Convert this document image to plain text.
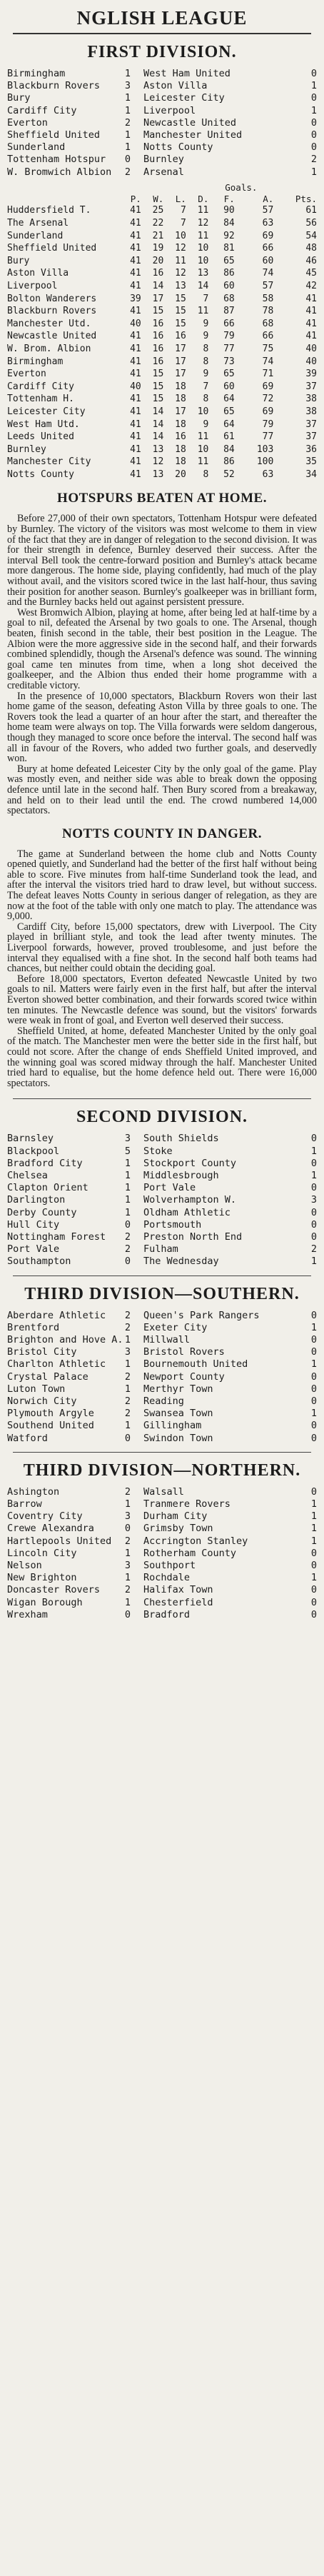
NGLISH LEAGUE
FIRST DIVISION.
Birmingham	1	West Ham United	0
Blackburn Rovers	3	Aston Villa	1
Bury	1	Leicester City	0
Cardiff City	1	Liverpool	1
Everton	2	Newcastle United	0
Sheffield United	1	Manchester United	0
Sunderland	1	Notts County	0
Tottenham Hotspur	0	Burnley	2
W. Bromwich Albion	2	Arsenal	1
					Goals.		
	P.	W.	L.	D.	F.	A.	Pts.
Huddersfield T.	41	25	7	11	90	57	61
The Arsenal	41	22	7	12	84	63	56
Sunderland	41	21	10	11	92	69	54
Sheffield United	41	19	12	10	81	66	48
Bury	41	20	11	10	65	60	46
Aston Villa	41	16	12	13	86	74	45
Liverpool	41	14	13	14	60	57	42
Bolton Wanderers	39	17	15	7	68	58	41
Blackburn Rovers	41	15	15	11	87	78	41
Manchester Utd.	40	16	15	9	66	68	41
Newcastle United	41	16	16	9	79	66	41
W. Brom. Albion	41	16	17	8	77	75	40
Birmingham	41	16	17	8	73	74	40
Everton	41	15	17	9	65	71	39
Cardiff City	40	15	18	7	60	69	37
Tottenham H.	41	15	18	8	64	72	38
Leicester City	41	14	17	10	65	69	38
West Ham Utd.	41	14	18	9	64	79	37
Leeds United	41	14	16	11	61	77	37
Burnley	41	13	18	10	84	103	36
Manchester City	41	12	18	11	86	100	35
Notts County	41	13	20	8	52	63	34
HOTSPURS BEATEN AT HOME.

Before 27,000 of their own spectators, Tottenham Hotspur were defeated by Burnley. The victory of the visitors was most welcome to them in view of the fact that they are in danger of relegation to the second division. It was for their strength in defence, Burnley deserved their success. After the interval Bell took the centre-forward position and Burnley's attack became more dangerous. The home side, playing confidently, had much of the play without avail, and the visitors scored twice in the last half-hour, thus saving their position for another season. Burnley's goalkeeper was in brilliant form, and the Burnley backs held out against persistent pressure.

West Bromwich Albion, playing at home, after being led at half-time by a goal to nil, defeated the Arsenal by two goals to one. The Arsenal, though beaten, finish second in the table, their best position in the League. The Albion were the more aggressive side in the second half, and their forwards combined splendidly, though the Arsenal's defence was sound. The winning goal came ten minutes from time, when a long shot deceived the goalkeeper, and the Albion thus ended their home programme with a creditable victory.

In the presence of 10,000 spectators, Blackburn Rovers won their last home game of the season, defeating Aston Villa by three goals to one. The Rovers took the lead a quarter of an hour after the start, and thereafter the home team were always on top. The Villa forwards were seldom dangerous, though they managed to score once before the interval. The second half was all in favour of the Rovers, who added two further goals, and deservedly won.

Bury at home defeated Leicester City by the only goal of the game. Play was mostly even, and neither side was able to break down the opposing defence until late in the second half. Then Bury scored from a breakaway, and held on to their lead until the end. The crowd numbered 14,000 spectators.

NOTTS COUNTY IN DANGER.

The game at Sunderland between the home club and Notts County opened quietly, and Sunderland had the better of the first half without being able to score. Five minutes from half-time Sunderland took the lead, and after the interval the visitors tried hard to draw level, but without success. The defeat leaves Notts County in serious danger of relegation, as they are now at the foot of the table with only one match to play. The attendance was 9,000.

Cardiff City, before 15,000 spectators, drew with Liverpool. The City played in brilliant style, and took the lead after twenty minutes. The Liverpool forwards, however, proved troublesome, and just before the interval they equalised with a fine shot. In the second half both teams had chances, but neither could obtain the deciding goal.

Before 18,000 spectators, Everton defeated Newcastle United by two goals to nil. Matters were fairly even in the first half, but after the interval Everton showed better combination, and their forwards scored twice within ten minutes. The Newcastle defence was sound, but the visitors' forwards were weak in front of goal, and Everton well deserved their success.

Sheffield United, at home, defeated Manchester United by the only goal of the match. The Manchester men were the better side in the first half, but could not score. After the change of ends Sheffield United improved, and the winning goal was scored midway through the half. Manchester United tried hard to equalise, but the home defence held out. There were 16,000 spectators.

SECOND DIVISION.
Barnsley	3	South Shields	0
Blackpool	5	Stoke	1
Bradford City	1	Stockport County	0
Chelsea	1	Middlesbrough	1
Clapton Orient	1	Port Vale	0
Darlington	1	Wolverhampton W.	3
Derby County	1	Oldham Athletic	0
Hull City	0	Portsmouth	0
Nottingham Forest	2	Preston North End	0
Port Vale	2	Fulham	2
Southampton	0	The Wednesday	1
THIRD DIVISION—SOUTHERN.
Aberdare Athletic	2	Queen's Park Rangers	0
Brentford	2	Exeter City	1
Brighton and Hove A.	1	Millwall	0
Bristol City	3	Bristol Rovers	0
Charlton Athletic	1	Bournemouth United	1
Crystal Palace	2	Newport County	0
Luton Town	1	Merthyr Town	0
Norwich City	2	Reading	0
Plymouth Argyle	2	Swansea Town	1
Southend United	1	Gillingham	0
Watford	0	Swindon Town	0
THIRD DIVISION—NORTHERN.
Ashington	2	Walsall	0
Barrow	1	Tranmere Rovers	1
Coventry City	3	Durham City	1
Crewe Alexandra	0	Grimsby Town	1
Hartlepools United	2	Accrington Stanley	1
Lincoln City	1	Rotherham County	0
Nelson	3	Southport	0
New Brighton	1	Rochdale	1
Doncaster Rovers	2	Halifax Town	0
Wigan Borough	1	Chesterfield	0
Wrexham	0	Bradford	0
